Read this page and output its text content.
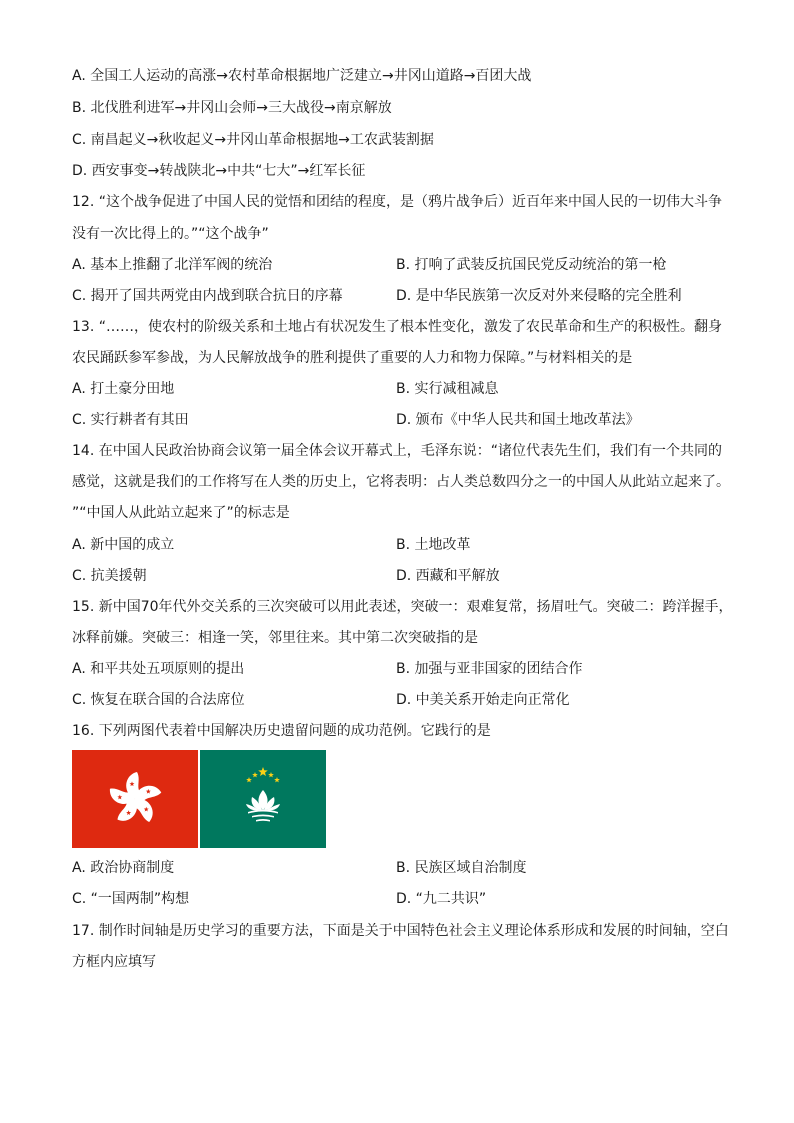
A. 全国工人运动的高涨→农村革命根据地广泛建立→井冈山道路→百团大战
B. 北伐胜利进军→井冈山会师→三大战役→南京解放
C. 南昌起义→秋收起义→井冈山革命根据地→工农武装割据
D. 西安事变→转战陕北→中共“七大”→红军长征
12. “这个战争促进了中国人民的觉悟和团结的程度，是（鸦片战争后）近百年来中国人民的一切伟大斗争
没有一次比得上的。”“这个战争”
A. 基本上推翻了北洋军阀的统治	B. 打响了武装反抗国民党反动统治的第一枪
C. 揭开了国共两党由内战到联合抗日的序幕	D. 是中华民族第一次反对外来侵略的完全胜利
13. “……，使农村的阶级关系和土地占有状况发生了根本性变化，激发了农民革命和生产的积极性。翻身
农民踊跃参军参战，为人民解放战争的胜利提供了重要的人力和物力保障。”与材料相关的是
A. 打土豪分田地	B. 实行减租减息
C. 实行耕者有其田	D. 颁布《中华人民共和国土地改革法》
14. 在中国人民政治协商会议第一届全体会议开幕式上，毛泽东说：“诸位代表先生们，我们有一个共同的
感觉，这就是我们的工作将写在人类的历史上，它将表明：占人类总数四分之一的中国人从此站立起来了。
”“中国人从此站立起来了”的标志是
A. 新中国的成立	B. 土地改革
C. 抗美援朝	D. 西藏和平解放
15. 新中国70年代外交关系的三次突破可以用此表述，突破一：艰难复常，扬眉吐气。突破二：跨洋握手，
冰释前嫌。突破三：相逢一笑，邻里往来。其中第二次突破指的是
A. 和平共处五项原则的提出	B. 加强与亚非国家的团结合作
C. 恢复在联合国的合法席位	D. 中美关系开始走向正常化
16. 下列两图代表着中国解决历史遗留问题的成功范例。它践行的是
A. 政治协商制度	B. 民族区域自治制度
C. “一国两制”构想	D. “九二共识”
17. 制作时间轴是历史学习的重要方法，下面是关于中国特色社会主义理论体系形成和发展的时间轴，空白
方框内应填写
